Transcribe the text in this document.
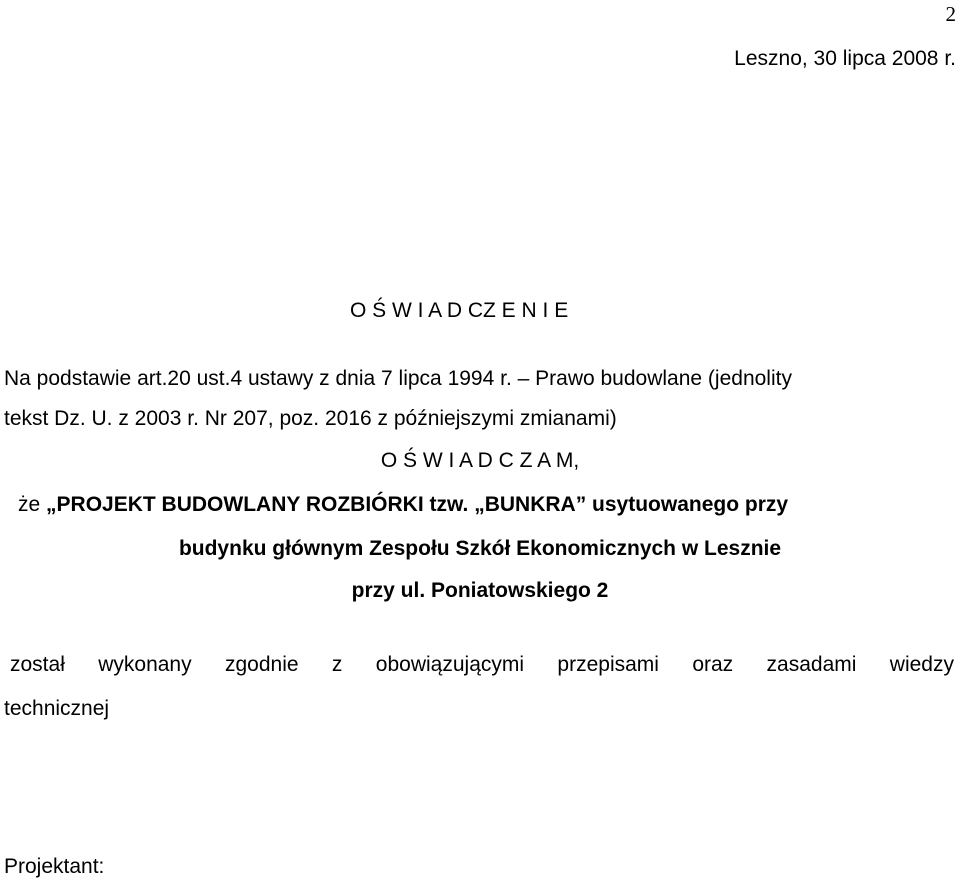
2
Leszno, 30 lipca 2008 r.
O Ś W I A D CZ E N I E
Na podstawie art.20 ust.4 ustawy z dnia 7 lipca 1994 r. – Prawo budowlane (jednolity
tekst Dz. U. z 2003 r. Nr 207, poz. 2016 z późniejszymi zmianami)
O Ś W I A D C Z A M,
że „PROJEKT BUDOWLANY ROZBIÓRKI tzw. „BUNKRA” usytuowanego przy
budynku głównym Zespołu Szkół Ekonomicznych w Lesznie
przy ul. Poniatowskiego 2
został wykonany zgodnie z obowiązującymi przepisami oraz zasadami wiedzy
technicznej
Projektant:
